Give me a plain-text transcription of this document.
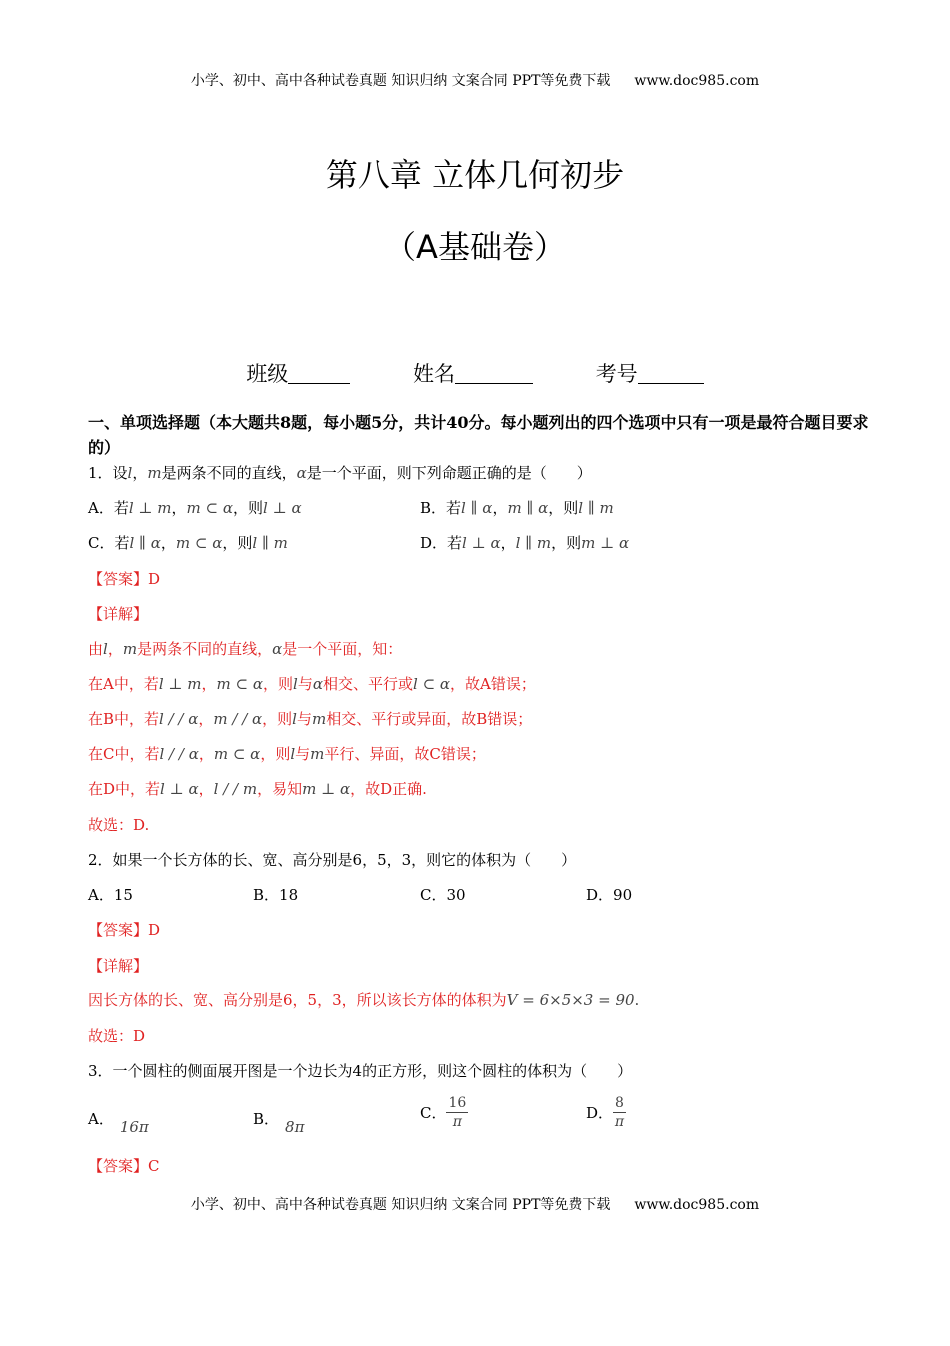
小学、初中、高中各种试卷真题 知识归纳 文案合同 PPT等免费下载 www.doc985.com
第八章 立体几何初步
（A基础卷）
班级	姓名	考号
一、单项选择题（本大题共8题，每小题5分，共计40分。每小题列出的四个选项中只有一项是最符合题目要求的）
1．设l，m是两条不同的直线，α是一个平面，则下列命题正确的是（　　）
A．若l ⊥ m，m ⊂ α，则l ⊥ α	B．若l ∥ α，m ∥ α，则l ∥ m
C．若l ∥ α，m ⊂ α，则l ∥ m	D．若l ⊥ α，l ∥ m，则m ⊥ α
【答案】D
【详解】
由l，m是两条不同的直线，α是一个平面，知：
在A中，若l ⊥ m，m ⊂ α，则l与α相交、平行或l ⊂ α，故A错误；
在B中，若l / / α，m / / α，则l与m相交、平行或异面，故B错误；
在C中，若l / / α，m ⊂ α，则l与m平行、异面，故C错误；
在D中，若l ⊥ α，l / / m，易知m ⊥ α，故D正确.
故选：D.
2．如果一个长方体的长、宽、高分别是6，5，3，则它的体积为（　　）
A．15	B．18	C．30	D．90
【答案】D
【详解】
因长方体的长、宽、高分别是6，5，3，所以该长方体的体积为V = 6×5×3 = 90.
故选：D
3．一个圆柱的侧面展开图是一个边长为4的正方形，则这个圆柱的体积为（　　）
A． 16π	B． 8π
C． $\frac{16}{\pi}$	D． $\frac{8}{\pi}$
【答案】C
小学、初中、高中各种试卷真题 知识归纳 文案合同 PPT等免费下载 www.doc985.com
